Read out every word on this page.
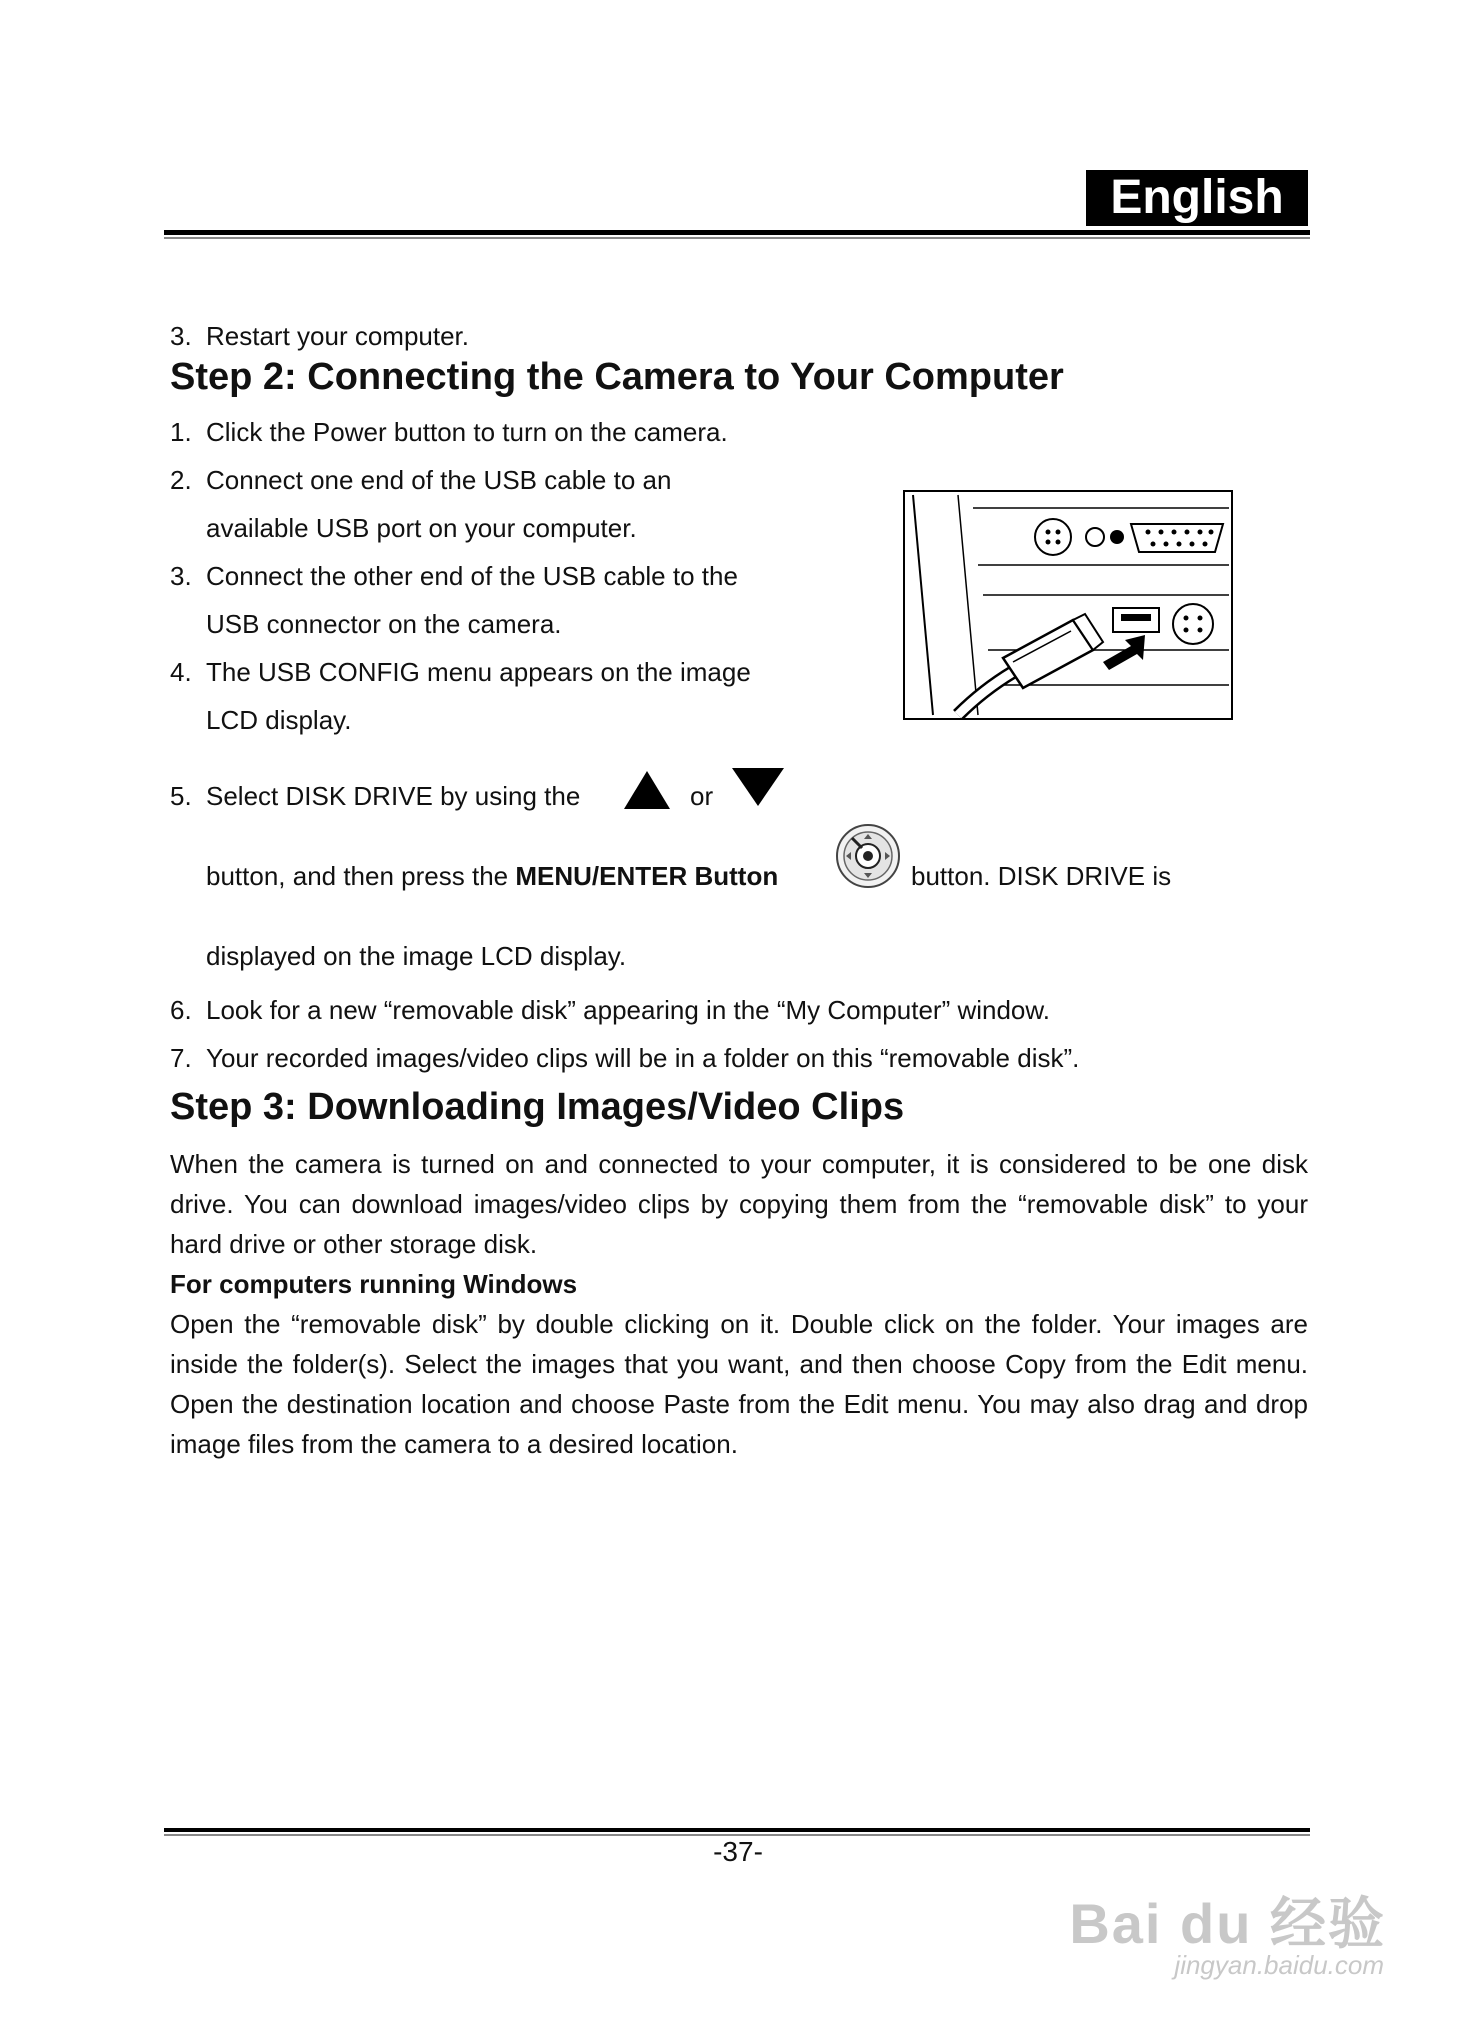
English
3. Restart your computer.
Step 2: Connecting the Camera to Your Computer
1. Click the Power button to turn on the camera.
2. Connect one end of the USB cable to an
available USB port on your computer.
3. Connect the other end of the USB cable to the
USB connector on the camera.
4. The USB CONFIG menu appears on the image
LCD display.
5. Select DISK DRIVE by using the	or
button, and then press the MENU/ENTER Button	button. DISK DRIVE is
displayed on the image LCD display.
6. Look for a new “removable disk” appearing in the “My Computer” window.
7. Your recorded images/video clips will be in a folder on this “removable disk”.
Step 3: Downloading Images/Video Clips
When the camera is turned on and connected to your computer, it is considered to be one disk drive. You can download images/video clips by copying them from the “removable disk” to your hard drive or other storage disk.
For computers running Windows
Open the “removable disk” by double clicking on it. Double click on the folder. Your images are inside the folder(s). Select the images that you want, and then choose Copy from the Edit menu. Open the destination location and choose Paste from the Edit menu. You may also drag and drop image files from the camera to a desired location.
-37-
Bai du 经验
jingyan.baidu.com
